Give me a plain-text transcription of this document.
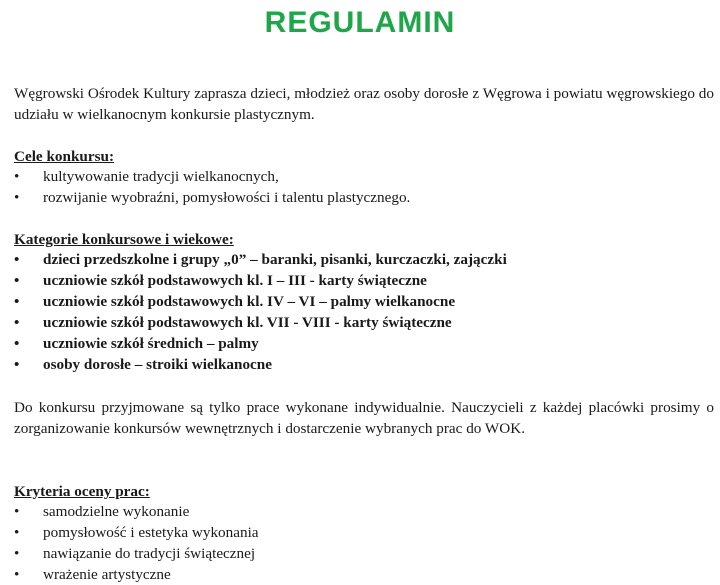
REGULAMIN
Węgrowski Ośrodek Kultury zaprasza dzieci, młodzież oraz osoby dorosłe z Węgrowa i powiatu węgrowskiego do udziału w wielkanocnym konkursie plastycznym.
Cele konkursu:
• kultywowanie tradycji wielkanocnych,
• rozwijanie wyobraźni, pomysłowości i talentu plastycznego.
Kategorie konkursowe i wiekowe:
• dzieci przedszkolne i grupy „0” – baranki, pisanki, kurczaczki, zajączki
• uczniowie szkół podstawowych kl. I – III - karty świąteczne
• uczniowie szkół podstawowych kl. IV – VI – palmy wielkanocne
• uczniowie szkół podstawowych kl. VII - VIII - karty świąteczne
• uczniowie szkół średnich – palmy
• osoby dorosłe – stroiki wielkanocne
Do konkursu przyjmowane są tylko prace wykonane indywidualnie. Nauczycieli z każdej placówki prosimy o zorganizowanie konkursów wewnętrznych i dostarczenie wybranych prac do WOK.
Kryteria oceny prac:
• samodzielne wykonanie
• pomysłowość i estetyka wykonania
• nawiązanie do tradycji świątecznej
• wrażenie artystyczne
